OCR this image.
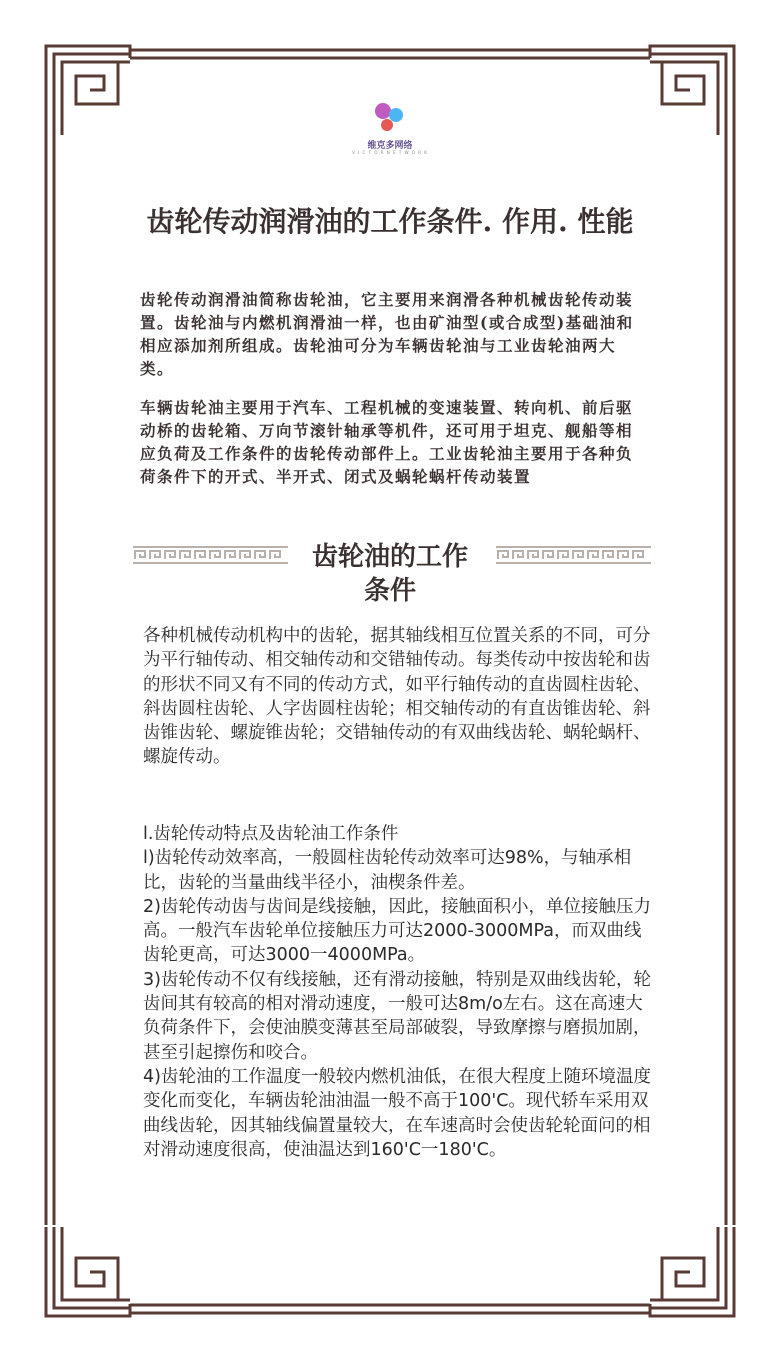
维克多网络
V I C T O R N E T W O R K
齿轮传动润滑油的工作条件. 作用. 性能

齿轮传动润滑油简称齿轮油，它主要用来润滑各种机械齿轮传动装置。齿轮油与内燃机润滑油一样，也由矿油型(或合成型)基础油和相应添加剂所组成。齿轮油可分为车辆齿轮油与工业齿轮油两大类。

车辆齿轮油主要用于汽车、工程机械的变速装置、转向机、前后驱动桥的齿轮箱、万向节滚针轴承等机件，还可用于坦克、舰船等相应负荷及工作条件的齿轮传动部件上。工业齿轮油主要用于各种负荷条件下的开式、半开式、闭式及蜗轮蜗杆传动装置

齿轮油的工作
条件

各种机械传动机构中的齿轮，据其轴线相互位置关系的不同，可分为平行轴传动、相交轴传动和交错轴传动。每类传动中按齿轮和齿的形状不同又有不同的传动方式，如平行轴传动的直齿圆柱齿轮、斜齿圆柱齿轮、人字齿圆柱齿轮；相交轴传动的有直齿锥齿轮、斜齿锥齿轮、螺旋锥齿轮；交错轴传动的有双曲线齿轮、蜗轮蜗杆、螺旋传动。

l.齿轮传动特点及齿轮油工作条件

l)齿轮传动效率高，一般圆柱齿轮传动效率可达98%，与轴承相比，齿轮的当量曲线半径小，油楔条件差。

2)齿轮传动齿与齿间是线接触，因此，接触面积小，单位接触压力高。一般汽车齿轮单位接触压力可达2000-3000MPa，而双曲线齿轮更高，可达3000一4000MPa。

3)齿轮传动不仅有线接触，还有滑动接触，特别是双曲线齿轮，轮齿间其有较高的相对滑动速度，一般可达8m/o左右。这在高速大负荷条件下，会使油膜变薄甚至局部破裂，导致摩擦与磨损加剧，甚至引起擦伤和咬合。

4)齿轮油的工作温度一般较内燃机油低，在很大程度上随环境温度变化而变化，车辆齿轮油油温一般不高于100'C。现代轿车采用双曲线齿轮，因其轴线偏置量较大，在车速高时会使齿轮轮面问的相对滑动速度很高，使油温达到160'C一180'C。
